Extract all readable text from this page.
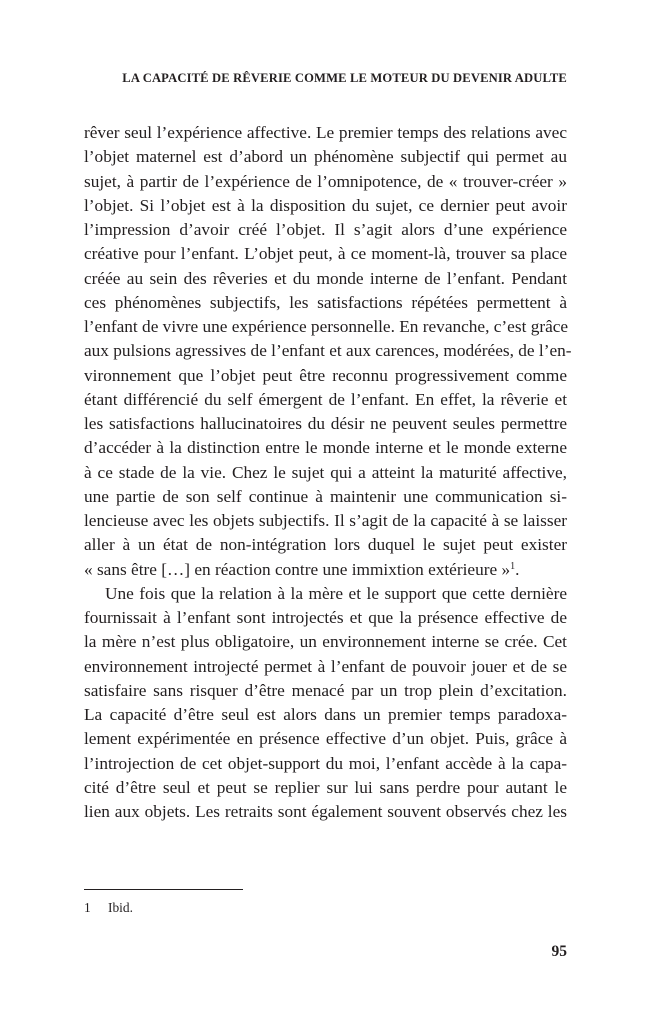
LA CAPACITÉ DE RÊVERIE COMME LE MOTEUR DU DEVENIR ADULTE
rêver seul l’expérience affective. Le premier temps des relations avec
l’objet maternel est d’abord un phénomène subjectif qui permet au
sujet, à partir de l’expérience de l’omnipotence, de « trouver-créer »
l’objet. Si l’objet est à la disposition du sujet, ce dernier peut avoir
l’impression d’avoir créé l’objet. Il s’agit alors d’une expérience
créative pour l’enfant. L’objet peut, à ce moment-là, trouver sa place
créée au sein des rêveries et du monde interne de l’enfant. Pendant
ces phénomènes subjectifs, les satisfactions répétées permettent à
l’enfant de vivre une expérience personnelle. En revanche, c’est grâce
aux pulsions agressives de l’enfant et aux carences, modérées, de l’en-
vironnement que l’objet peut être reconnu progressivement comme
étant différencié du self émergent de l’enfant. En effet, la rêverie et
les satisfactions hallucinatoires du désir ne peuvent seules permettre
d’accéder à la distinction entre le monde interne et le monde externe
à ce stade de la vie. Chez le sujet qui a atteint la maturité affective,
une partie de son self continue à maintenir une communication si-
lencieuse avec les objets subjectifs. Il s’agit de la capacité à se laisser
aller à un état de non-intégration lors duquel le sujet peut exister
« sans être […] en réaction contre une immixtion extérieure »$^1$.
Une fois que la relation à la mère et le support que cette dernière
fournissait à l’enfant sont introjectés et que la présence effective de
la mère n’est plus obligatoire, un environnement interne se crée. Cet
environnement introjecté permet à l’enfant de pouvoir jouer et de se
satisfaire sans risquer d’être menacé par un trop plein d’excitation.
La capacité d’être seul est alors dans un premier temps paradoxa-
lement expérimentée en présence effective d’un objet. Puis, grâce à
l’introjection de cet objet-support du moi, l’enfant accède à la capa-
cité d’être seul et peut se replier sur lui sans perdre pour autant le
lien aux objets. Les retraits sont également souvent observés chez les
1 Ibid.
95
